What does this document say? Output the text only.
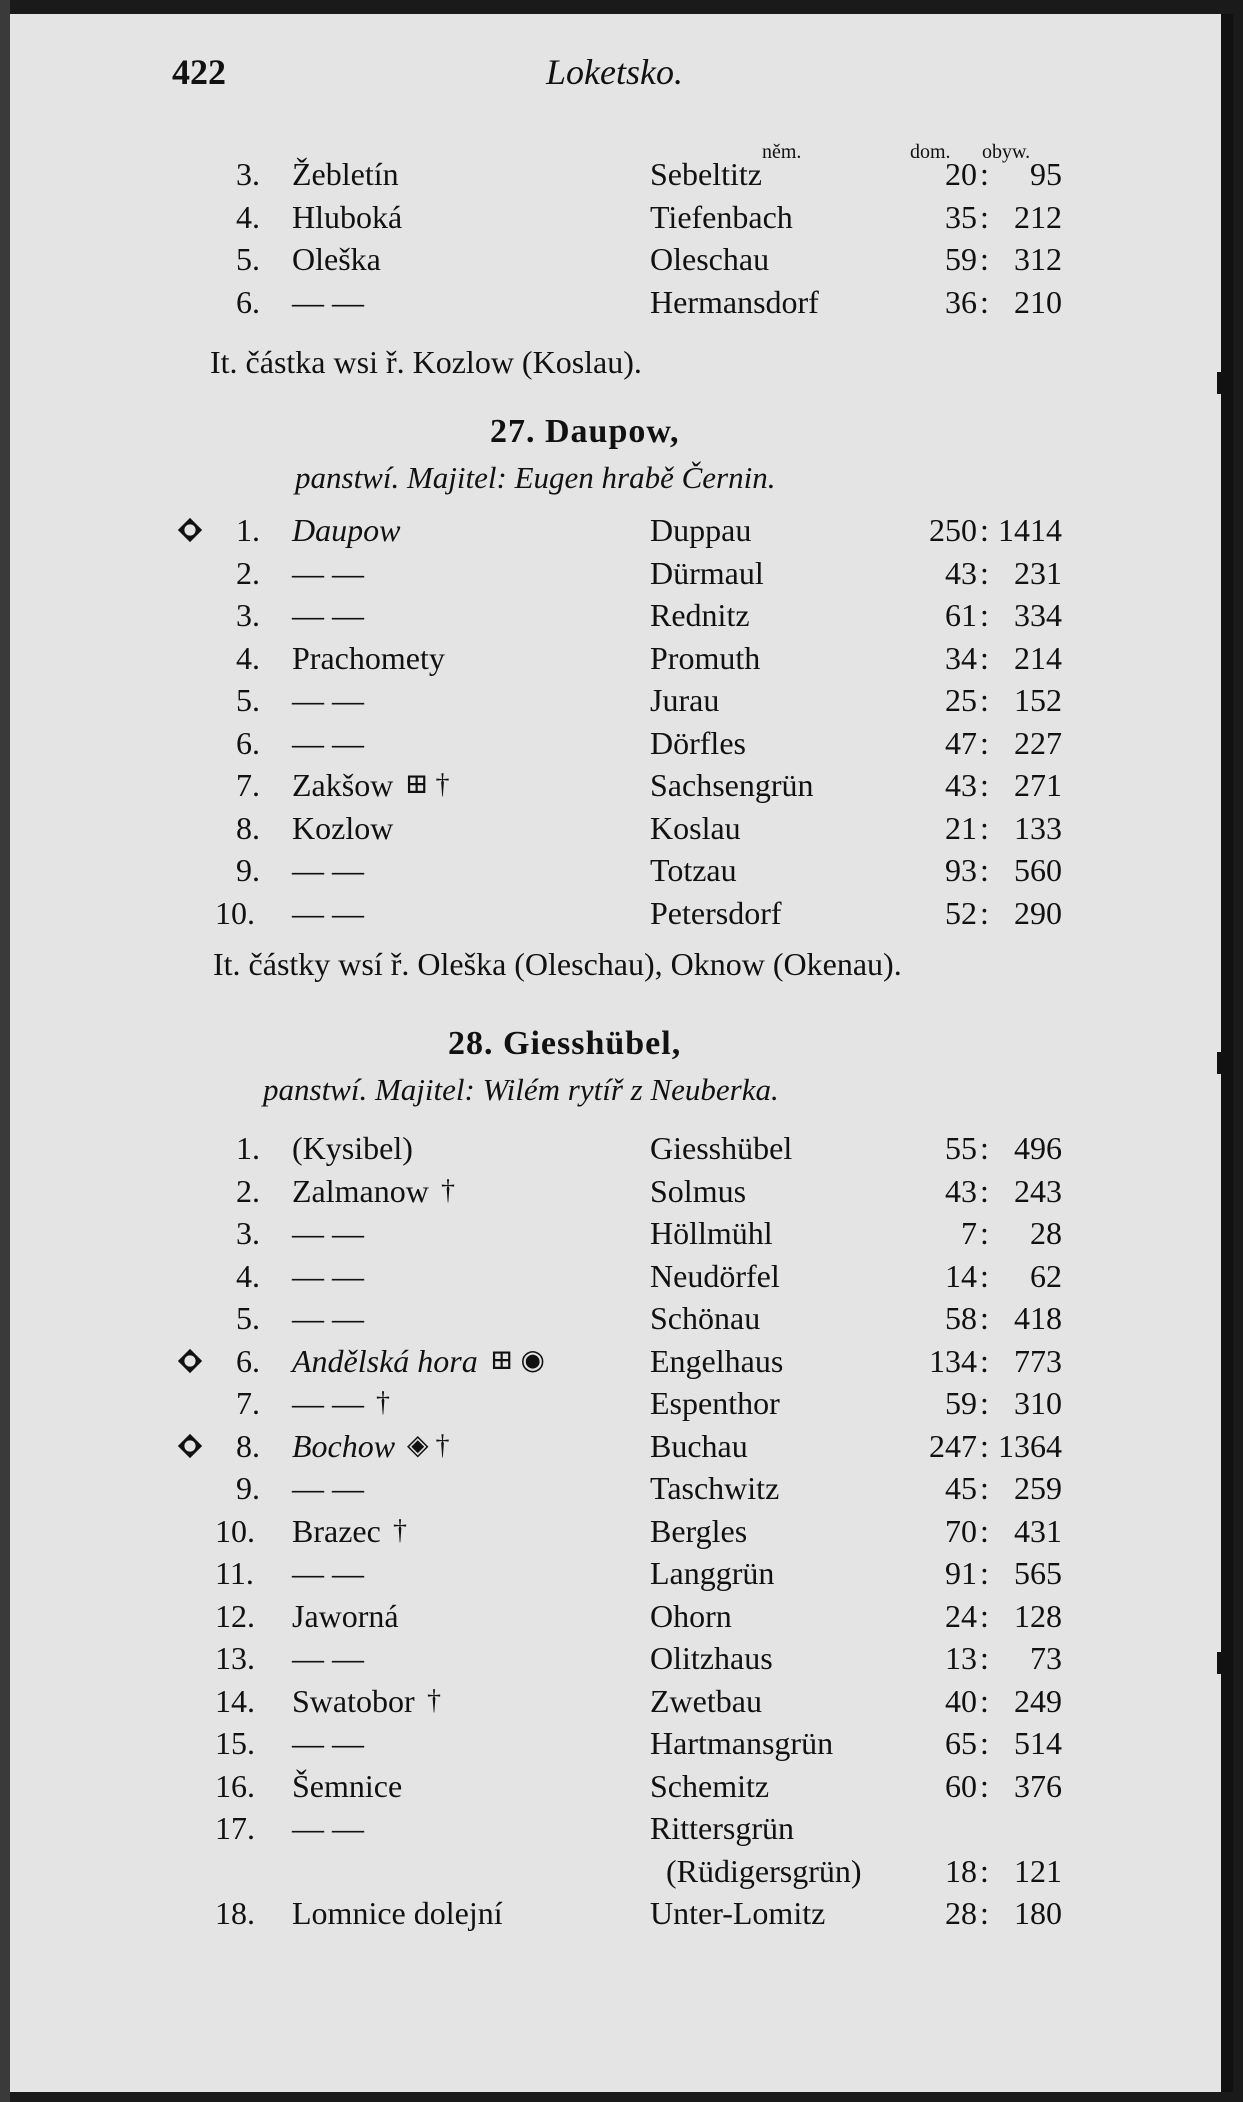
422	Loketsko.
něm.	dom. obyw.
3. Žebletín	Sebeltitz	20 :	95
4. Hluboká	Tiefenbach	35 : 212
5. Oleška	Oleschau	59 : 312
6. — —	Hermansdorf	36 : 210
It. částka wsi ř. Kozlow (Koslau).
27. Daupow,
panstwí. Majitel: Eugen hrabě Černin.
1. Daupow	Duppau	250 : 1414
2. — —	Dürmaul	43 : 231
3. — —	Rednitz	61 : 334
4. Prachomety	Promuth	34 : 214
5. — —	Jurau	25 : 152
6. — —	Dörfles	47 : 227
7. Zakšow ⊞ †	Sachsengrün	43 : 271
8. Kozlow	Koslau	21 : 133
9. — —	Totzau	93 : 560
10. — —	Petersdorf	52 : 290
It. částky wsí ř. Oleška (Oleschau), Oknow (Okenau).
28. Giesshübel,
panstwí. Majitel: Wilém rytíř z Neuberka.
1. (Kysibel)	Giesshübel	55 : 496
2. Zalmanow †	Solmus	43 : 243
3. — —	Höllmühl	7 :	28
4. — —	Neudörfel	14 :	62
5. — —	Schönau	58 : 418
6. Andělská hora ⊞ ◉	Engelhaus	134 : 773
7. — — †	Espenthor	59 : 310
8. Bochow ◈ †	Buchau	247 : 1364
9. — —	Taschwitz	45 : 259
10. Brazec †	Bergles	70 : 431
11. — —	Langgrün	91 : 565
12. Jaworná	Ohorn	24 : 128
13. — —	Olitzhaus	13 :	73
14. Swatobor †	Zwetbau	40 : 249
15. — —	Hartmansgrün	65 : 514
16. Šemnice	Schemitz	60 : 376
17. — —	Rittersgrün
(Rüdigersgrün)	18 : 121
18. Lomnice dolejní	Unter-Lomitz	28 : 180
